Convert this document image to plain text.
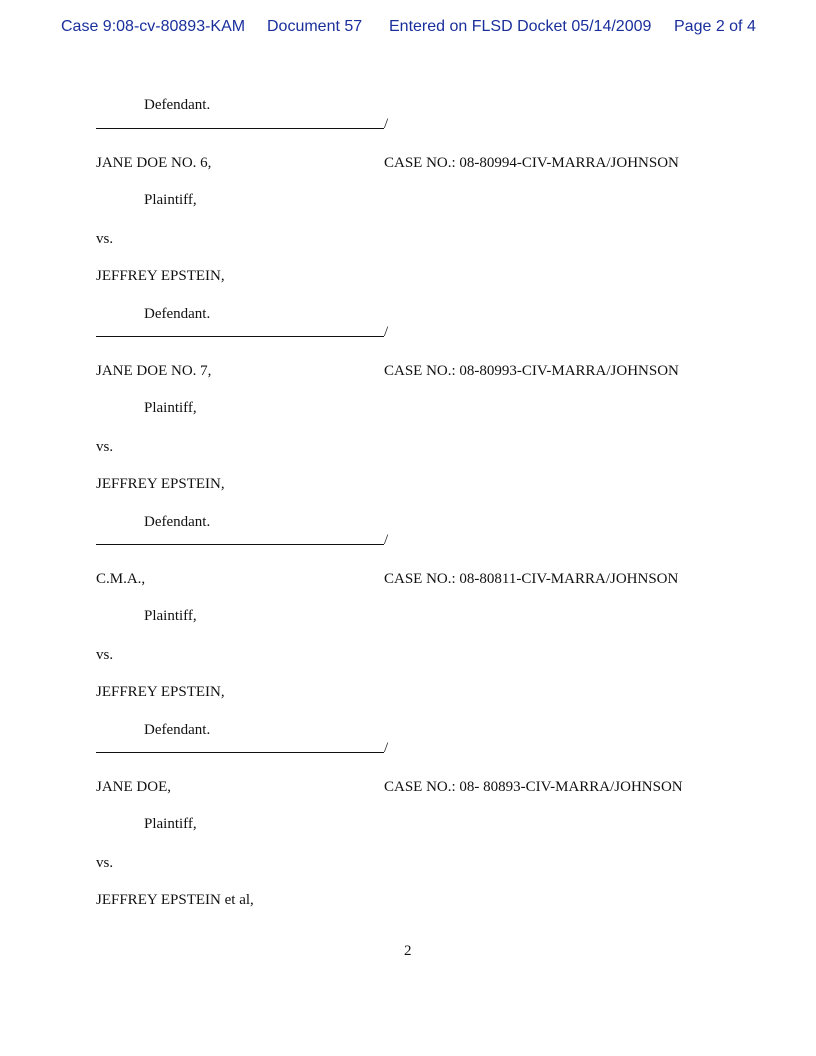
Case 9:08-cv-80893-KAM Document 57 Entered on FLSD Docket 05/14/2009 Page 2 of 4
Defendant.
/
JANE DOE NO. 6,	CASE NO.: 08-80994-CIV-MARRA/JOHNSON
Plaintiff,
vs.
JEFFREY EPSTEIN,
Defendant.
/
JANE DOE NO. 7,	CASE NO.: 08-80993-CIV-MARRA/JOHNSON
Plaintiff,
vs.
JEFFREY EPSTEIN,
Defendant.
/
C.M.A.,	CASE NO.: 08-80811-CIV-MARRA/JOHNSON
Plaintiff,
vs.
JEFFREY EPSTEIN,
Defendant.
/
JANE DOE,	CASE NO.: 08- 80893-CIV-MARRA/JOHNSON
Plaintiff,
vs.
JEFFREY EPSTEIN et al,
2
